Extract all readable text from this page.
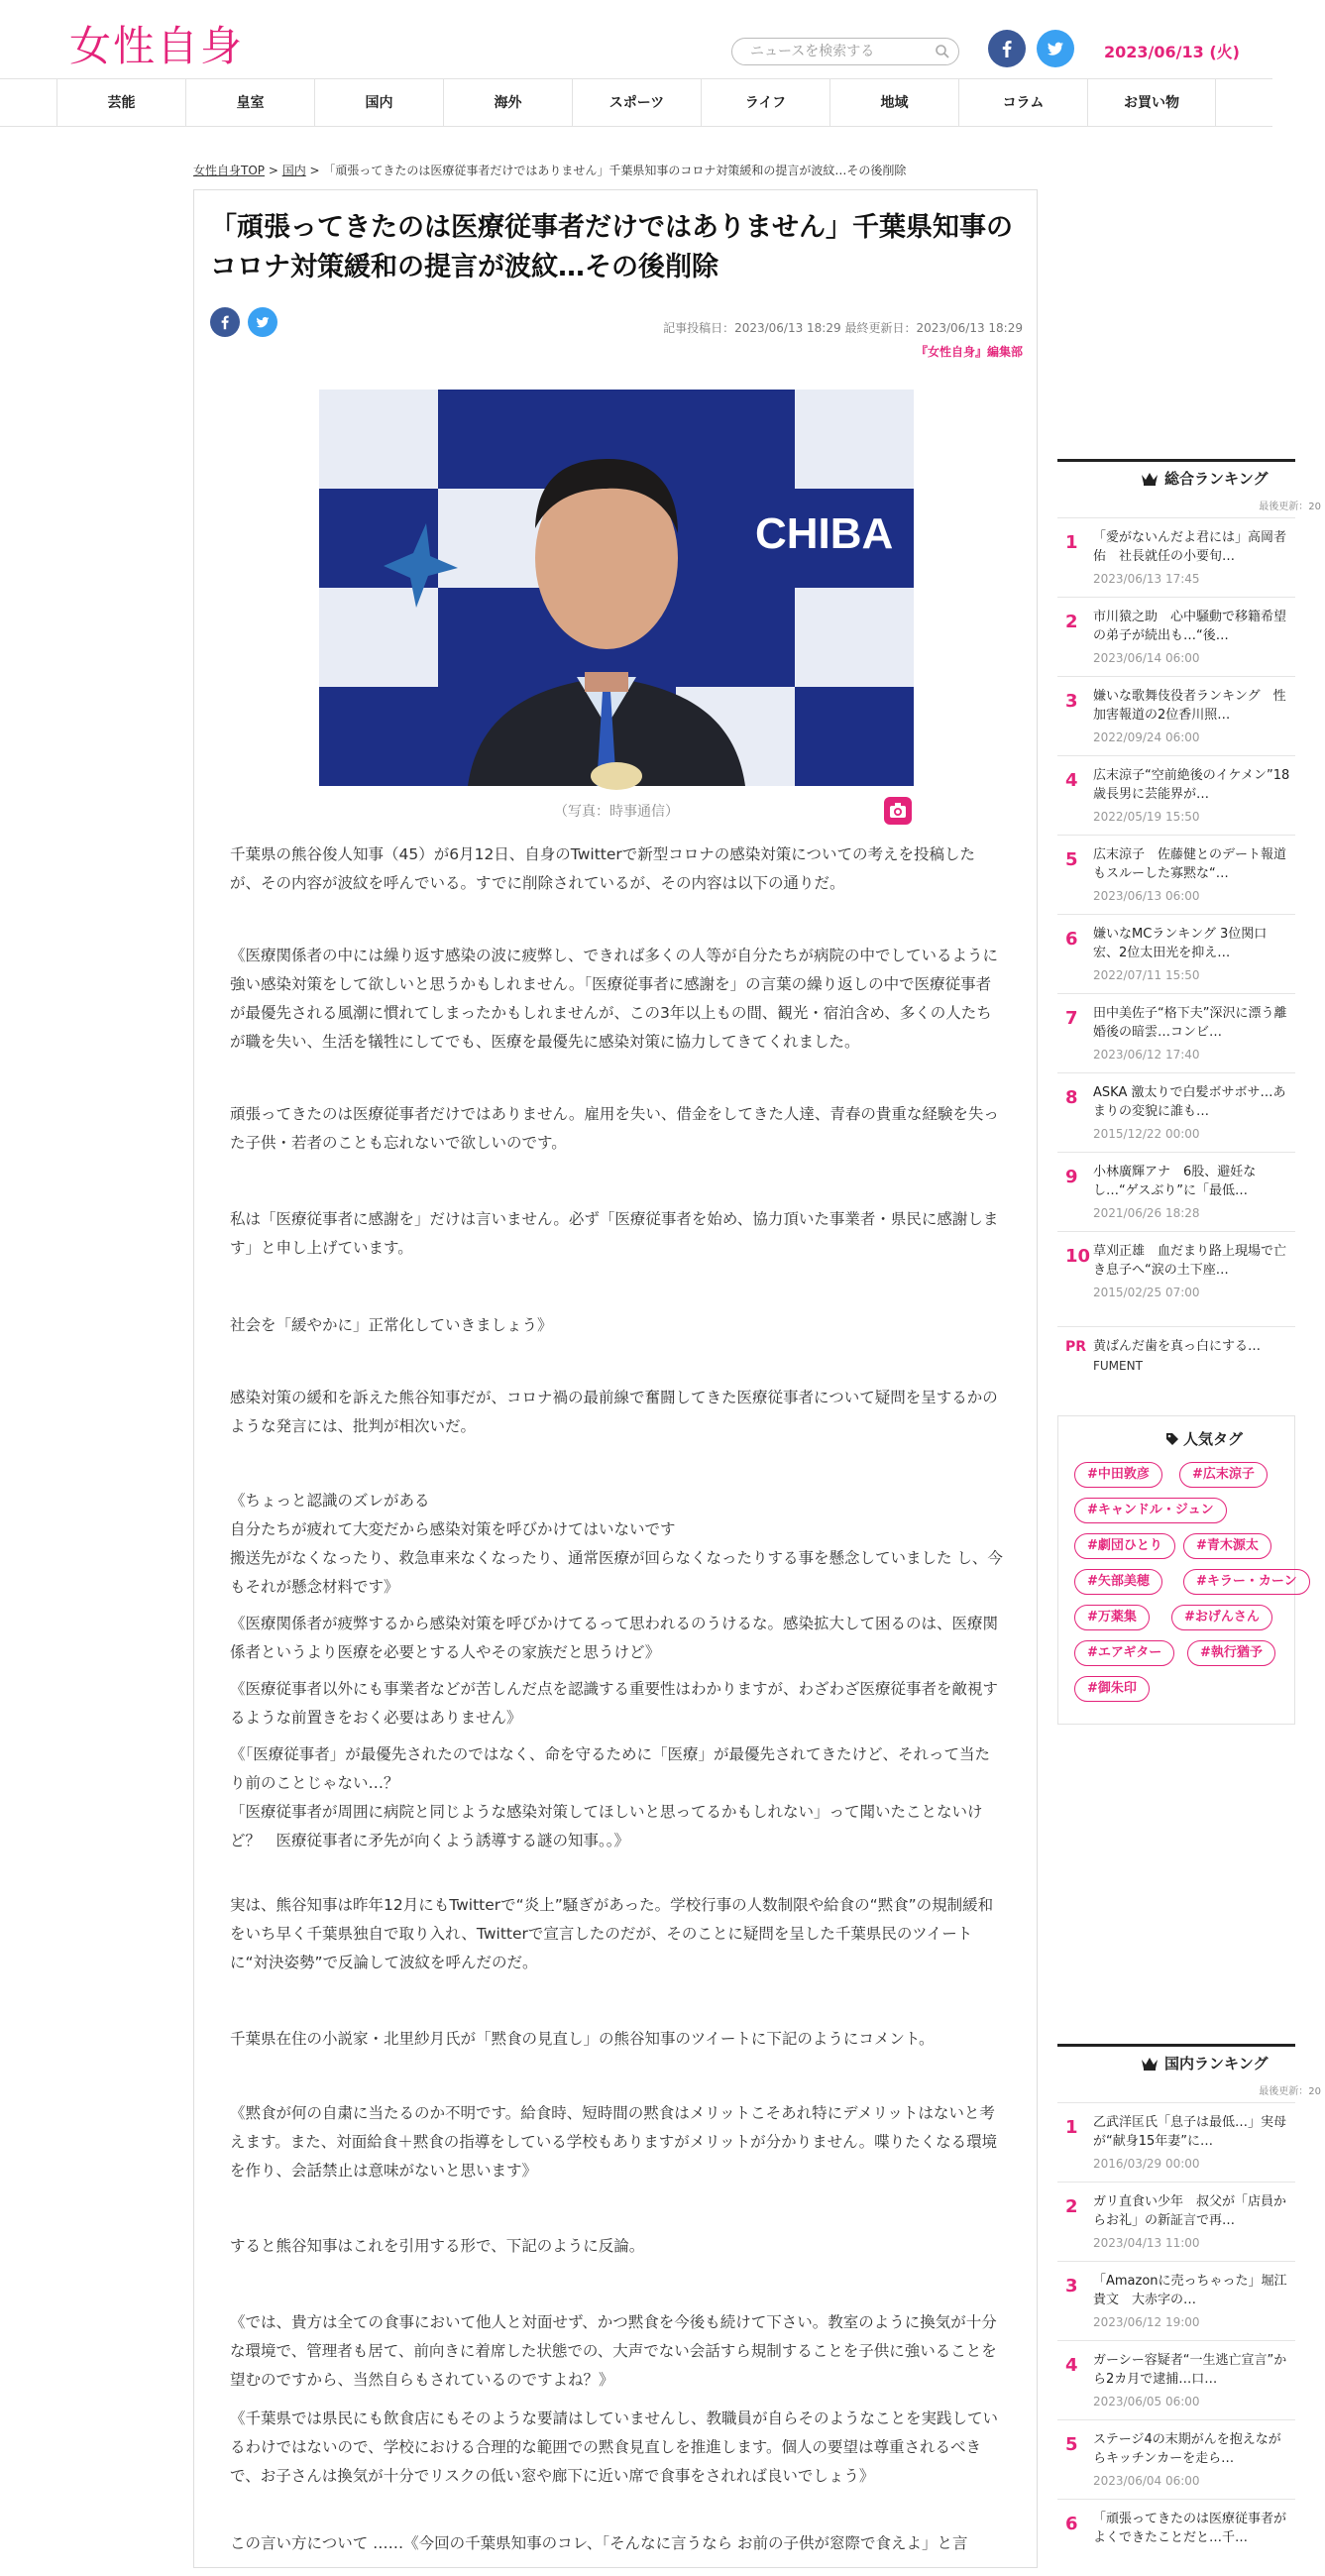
女性自身
ニュースを検索する	2023/06/13 (火)
芸能	皇室	国内	海外	スポーツ	ライフ	地域	コラム	お買い物
女性自身TOP > 国内 > 「頑張ってきたのは医療従事者だけではありません」千葉県知事のコロナ対策緩和の提言が波紋…その後削除
「頑張ってきたのは医療従事者だけではありません」千葉県知事のコロナ対策緩和の提言が波紋…その後削除
記事投稿日：2023/06/13 18:29 最終更新日：2023/06/13 18:29
『女性自身』編集部
CHIBA
（写真：時事通信）

千葉県の熊谷俊人知事（45）が6月12日、自身のTwitterで新型コロナの感染対策についての考えを投稿したが、その内容が波紋を呼んでいる。すでに削除されているが、その内容は以下の通りだ。

《医療関係者の中には繰り返す感染の波に疲弊し、できれば多くの人等が自分たちが病院の中でしているように強い感染対策をして欲しいと思うかもしれません。「医療従事者に感謝を」の言葉の繰り返しの中で医療従事者が最優先される風潮に慣れてしまったかもしれませんが、この3年以上もの間、観光・宿泊含め、多くの人たちが職を失い、生活を犠牲にしてでも、医療を最優先に感染対策に協力してきてくれました。

頑張ってきたのは医療従事者だけではありません。雇用を失い、借金をしてきた人達、青春の貴重な経験を失った子供・若者のことも忘れないで欲しいのです。

私は「医療従事者に感謝を」だけは言いません。必ず「医療従事者を始め、協力頂いた事業者・県民に感謝します」と申し上げています。

社会を「緩やかに」正常化していきましょう》

感染対策の緩和を訴えた熊谷知事だが、コロナ禍の最前線で奮闘してきた医療従事者について疑問を呈するかのような発言には、批判が相次いだ。

《ちょっと認識のズレがある
自分たちが疲れて大変だから感染対策を呼びかけてはいないです
搬送先がなくなったり、救急車来なくなったり、通常医療が回らなくなったりする事を懸念していました し、今もそれが懸念材料です》

《医療関係者が疲弊するから感染対策を呼びかけてるって思われるのうけるな。感染拡大して困るのは、医療関係者というより医療を必要とする人やその家族だと思うけど》

《医療従事者以外にも事業者などが苦しんだ点を認識する重要性はわかりますが、わざわざ医療従事者を敵視するような前置きをおく必要はありません》

《「医療従事者」が最優先されたのではなく、命を守るために「医療」が最優先されてきたけど、それって当たり前のことじゃない…？
「医療従事者が周囲に病院と同じような感染対策してほしいと思ってるかもしれない」って聞いたことないけど？　医療従事者に矛先が向くよう誘導する謎の知事。。》

実は、熊谷知事は昨年12月にもTwitterで“炎上”騒ぎがあった。学校行事の人数制限や給食の“黙食”の規制緩和をいち早く千葉県独自で取り入れ、Twitterで宣言したのだが、そのことに疑問を呈した千葉県民のツイートに“対決姿勢”で反論して波紋を呼んだのだ。

千葉県在住の小説家・北里紗月氏が「黙食の見直し」の熊谷知事のツイートに下記のようにコメント。

《黙食が何の自粛に当たるのか不明です。給食時、短時間の黙食はメリットこそあれ特にデメリットはないと考えます。また、対面給食＋黙食の指導をしている学校もありますがメリットが分かりません。喋りたくなる環境を作り、会話禁止は意味がないと思います》

すると熊谷知事はこれを引用する形で、下記のように反論。

《では、貴方は全ての食事において他人と対面せず、かつ黙食を今後も続けて下さい。教室のように換気が十分な環境で、管理者も居て、前向きに着席した状態での、大声でない会話すら規制することを子供に強いることを望むのですから、当然自らもされているのですよね？》

《千葉県では県民にも飲食店にもそのような要請はしていませんし、教職員が自らそのようなことを実践しているわけではないので、学校における合理的な範囲での黙食見直しを推進します。個人の要望は尊重されるべきで、お子さんは換気が十分でリスクの低い窓や廊下に近い席で食事をされれば良いでしょう》

この言い方について ……《今回の千葉県知事のコレ、「そんなに言うなら お前の子供が窓際で食えよ」と言

総合ランキング
最後更新：20
1 「愛がないんだよ君には」高岡者佑　社長就任の小要旬…
2023/06/13 17:45
2 市川猿之助　心中騒動で移籍希望の弟子が続出も…“後…
2023/06/14 06:00
3 嫌いな歌舞伎役者ランキング　性加害報道の2位香川照…
2022/09/24 06:00
4 広末涼子“空前絶後のイケメン”18歳長男に芸能界が…
2022/05/19 15:50
5 広末涼子　佐藤健とのデート報道もスルーした寡黙な“…
2023/06/13 06:00
6 嫌いなMCランキング 3位関口宏、2位太田光を抑え…
2022/07/11 15:50
7 田中美佐子“格下夫”深沢に漂う離婚後の暗雲…コンビ…
2023/06/12 17:40
8 ASKA 激太りで白髪ボサボサ…あまりの変貌に誰も…
2015/12/22 00:00
9 小林廣輝アナ　6股、避妊なし…“ゲスぶり”に「最低…
2021/06/26 18:28
10 草刈正雄　血だまり路上現場で亡き息子へ“涙の土下座…
2015/02/25 07:00
PR 黄ばんだ歯を真っ白にする…
FUMENT
人気タグ
#中田敦彦	#広末涼子
#キャンドル・ジュン
#劇団ひとり	#青木源太
#矢部美穂	#キラー・カーン
#万薬集	#おげんさん
#エアギター	#執行猶予
#御朱印
国内ランキング
最後更新：20
1 乙武洋匡氏「息子は最低…」実母が“献身15年妻”に…
2016/03/29 00:00
2 ガリ直食い少年　叔父が「店員からお礼」の新証言で再…
2023/04/13 11:00
3 「Amazonに売っちゃった」堀江貴文　大赤字の…
2023/06/12 19:00
4 ガーシー容疑者“一生逃亡宣言”から2カ月で逮捕…口…
2023/06/05 06:00
5 ステージ4の末期がんを抱えながらキッチンカーを走ら…
2023/06/04 06:00
6 「頑張ってきたのは医療従事者がよくできたことだと…千…
